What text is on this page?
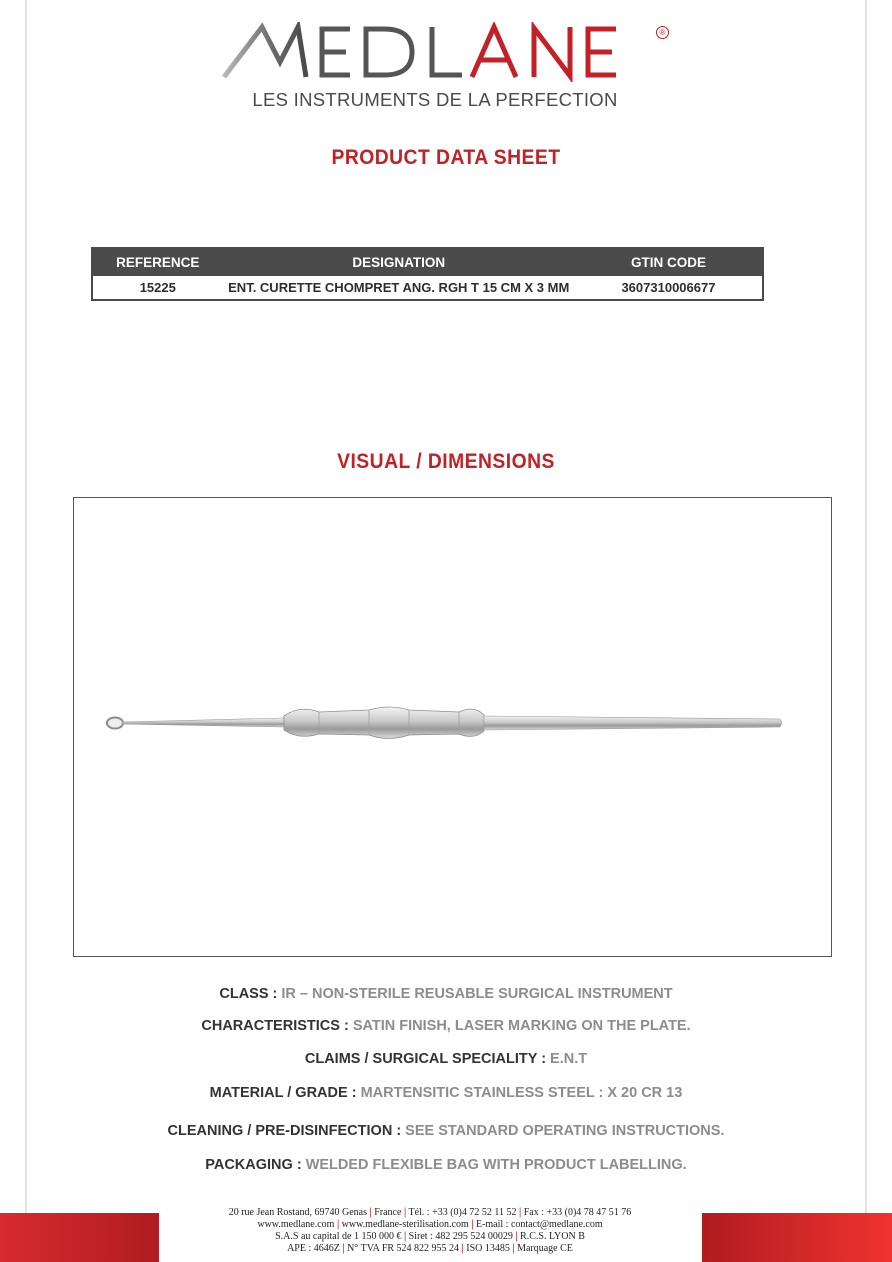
®
LES INSTRUMENTS DE LA PERFECTION
PRODUCT DATA SHEET
REFERENCE	DESIGNATION	GTIN CODE
15225	ENT. CURETTE CHOMPRET ANG. RGH T 15 CM X 3 MM	3607310006677
VISUAL / DIMENSIONS
CLASS : IR – NON-STERILE REUSABLE SURGICAL INSTRUMENT
CHARACTERISTICS : SATIN FINISH, LASER MARKING ON THE PLATE.
CLAIMS / SURGICAL SPECIALITY : E.N.T
MATERIAL / GRADE : MARTENSITIC STAINLESS STEEL : X 20 CR 13
CLEANING / PRE-DISINFECTION : SEE STANDARD OPERATING INSTRUCTIONS.
PACKAGING : WELDED FLEXIBLE BAG WITH PRODUCT LABELLING.
20 rue Jean Rostand, 69740 Genas | France | Tél. : +33 (0)4 72 52 11 52 | Fax : +33 (0)4 78 47 51 76
www.medlane.com | www.medlane-sterilisation.com | E-mail : contact@medlane.com
S.A.S au capital de 1 150 000 € | Siret : 482 295 524 00029 | R.C.S. LYON B
APE : 4646Z | N° TVA FR 524 822 955 24 | ISO 13485 | Marquage CE
